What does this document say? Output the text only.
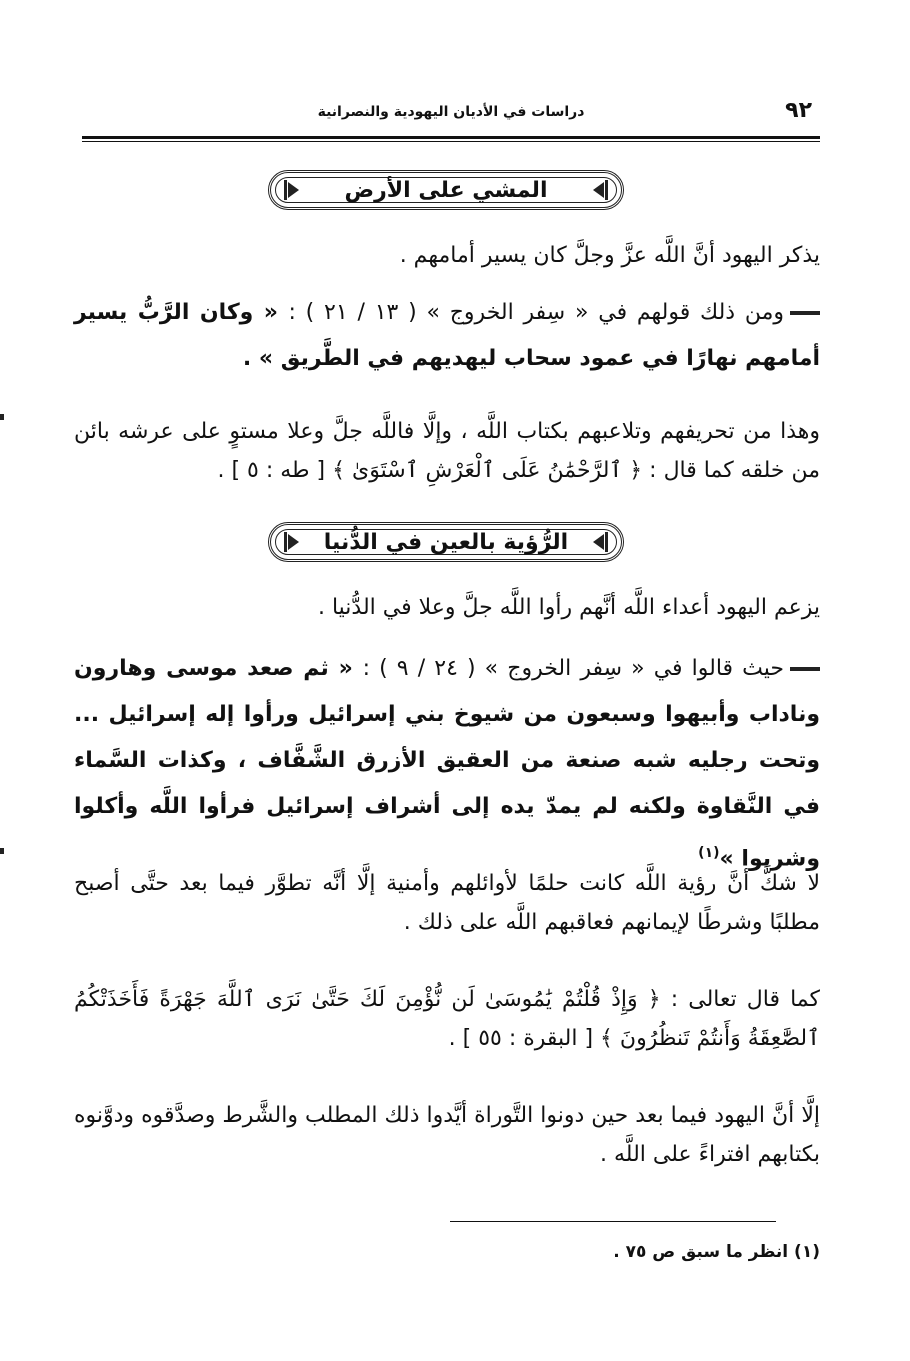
٩٢
دراسات في الأديان اليهودية والنصرانية
المشي على الأرض
يذكر اليهود أنَّ اللَّه عزَّ وجلَّ كان يسير أمامهم .
ومن ذلك قولهم في « سِفر الخروج » ( ١٣ / ٢١ ) : « وكان الرَّبُّ يسير أمامهم نهارًا في عمود سحاب ليهديهم في الطَّريق » .
وهذا من تحريفهم وتلاعبهم بكتاب اللَّه ، وإلَّا فاللَّه جلَّ وعلا مستوٍ على عرشه بائن من خلقه كما قال : ﴿ ٱلرَّحْمَٰنُ عَلَى ٱلْعَرْشِ ٱسْتَوَىٰ ﴾ [ طه : ٥ ] .
الرُّؤية بالعين في الدُّنيا
يزعم اليهود أعداء اللَّه أنَّهم رأوا اللَّه جلَّ وعلا في الدُّنيا .
حيث قالوا في « سِفر الخروج » ( ٢٤ / ٩ ) : « ثم صعد موسى وهارون وناداب وأبيهوا وسبعون من شيوخ بني إسرائيل ورأوا إله إسرائيل ... وتحت رجليه شبه صنعة من العقيق الأزرق الشَّفَّاف ، وكذات السَّماء في النَّقاوة ولكنه لم يمدّ يده إلى أشراف إسرائيل فرأوا اللَّه وأكلوا وشربوا »$^{(١)}$
لا شكَّ أنَّ رؤية اللَّه كانت حلمًا لأوائلهم وأمنية إلَّا أنَّه تطوَّر فيما بعد حتَّى أصبح مطلبًا وشرطًا لإيمانهم فعاقبهم اللَّه على ذلك .
كما قال تعالى : ﴿ وَإِذْ قُلْتُمْ يَٰمُوسَىٰ لَن نُّؤْمِنَ لَكَ حَتَّىٰ نَرَى ٱللَّهَ جَهْرَةً فَأَخَذَتْكُمُ ٱلصَّٰعِقَةُ وَأَنتُمْ تَنظُرُونَ ﴾ [ البقرة : ٥٥ ] .
إلَّا أنَّ اليهود فيما بعد حين دونوا التَّوراة أيَّدوا ذلك المطلب والشَّرط وصدَّقوه ودوَّنوه بكتابهم افتراءً على اللَّه .
(١) انظر ما سبق ص ٧٥ .
